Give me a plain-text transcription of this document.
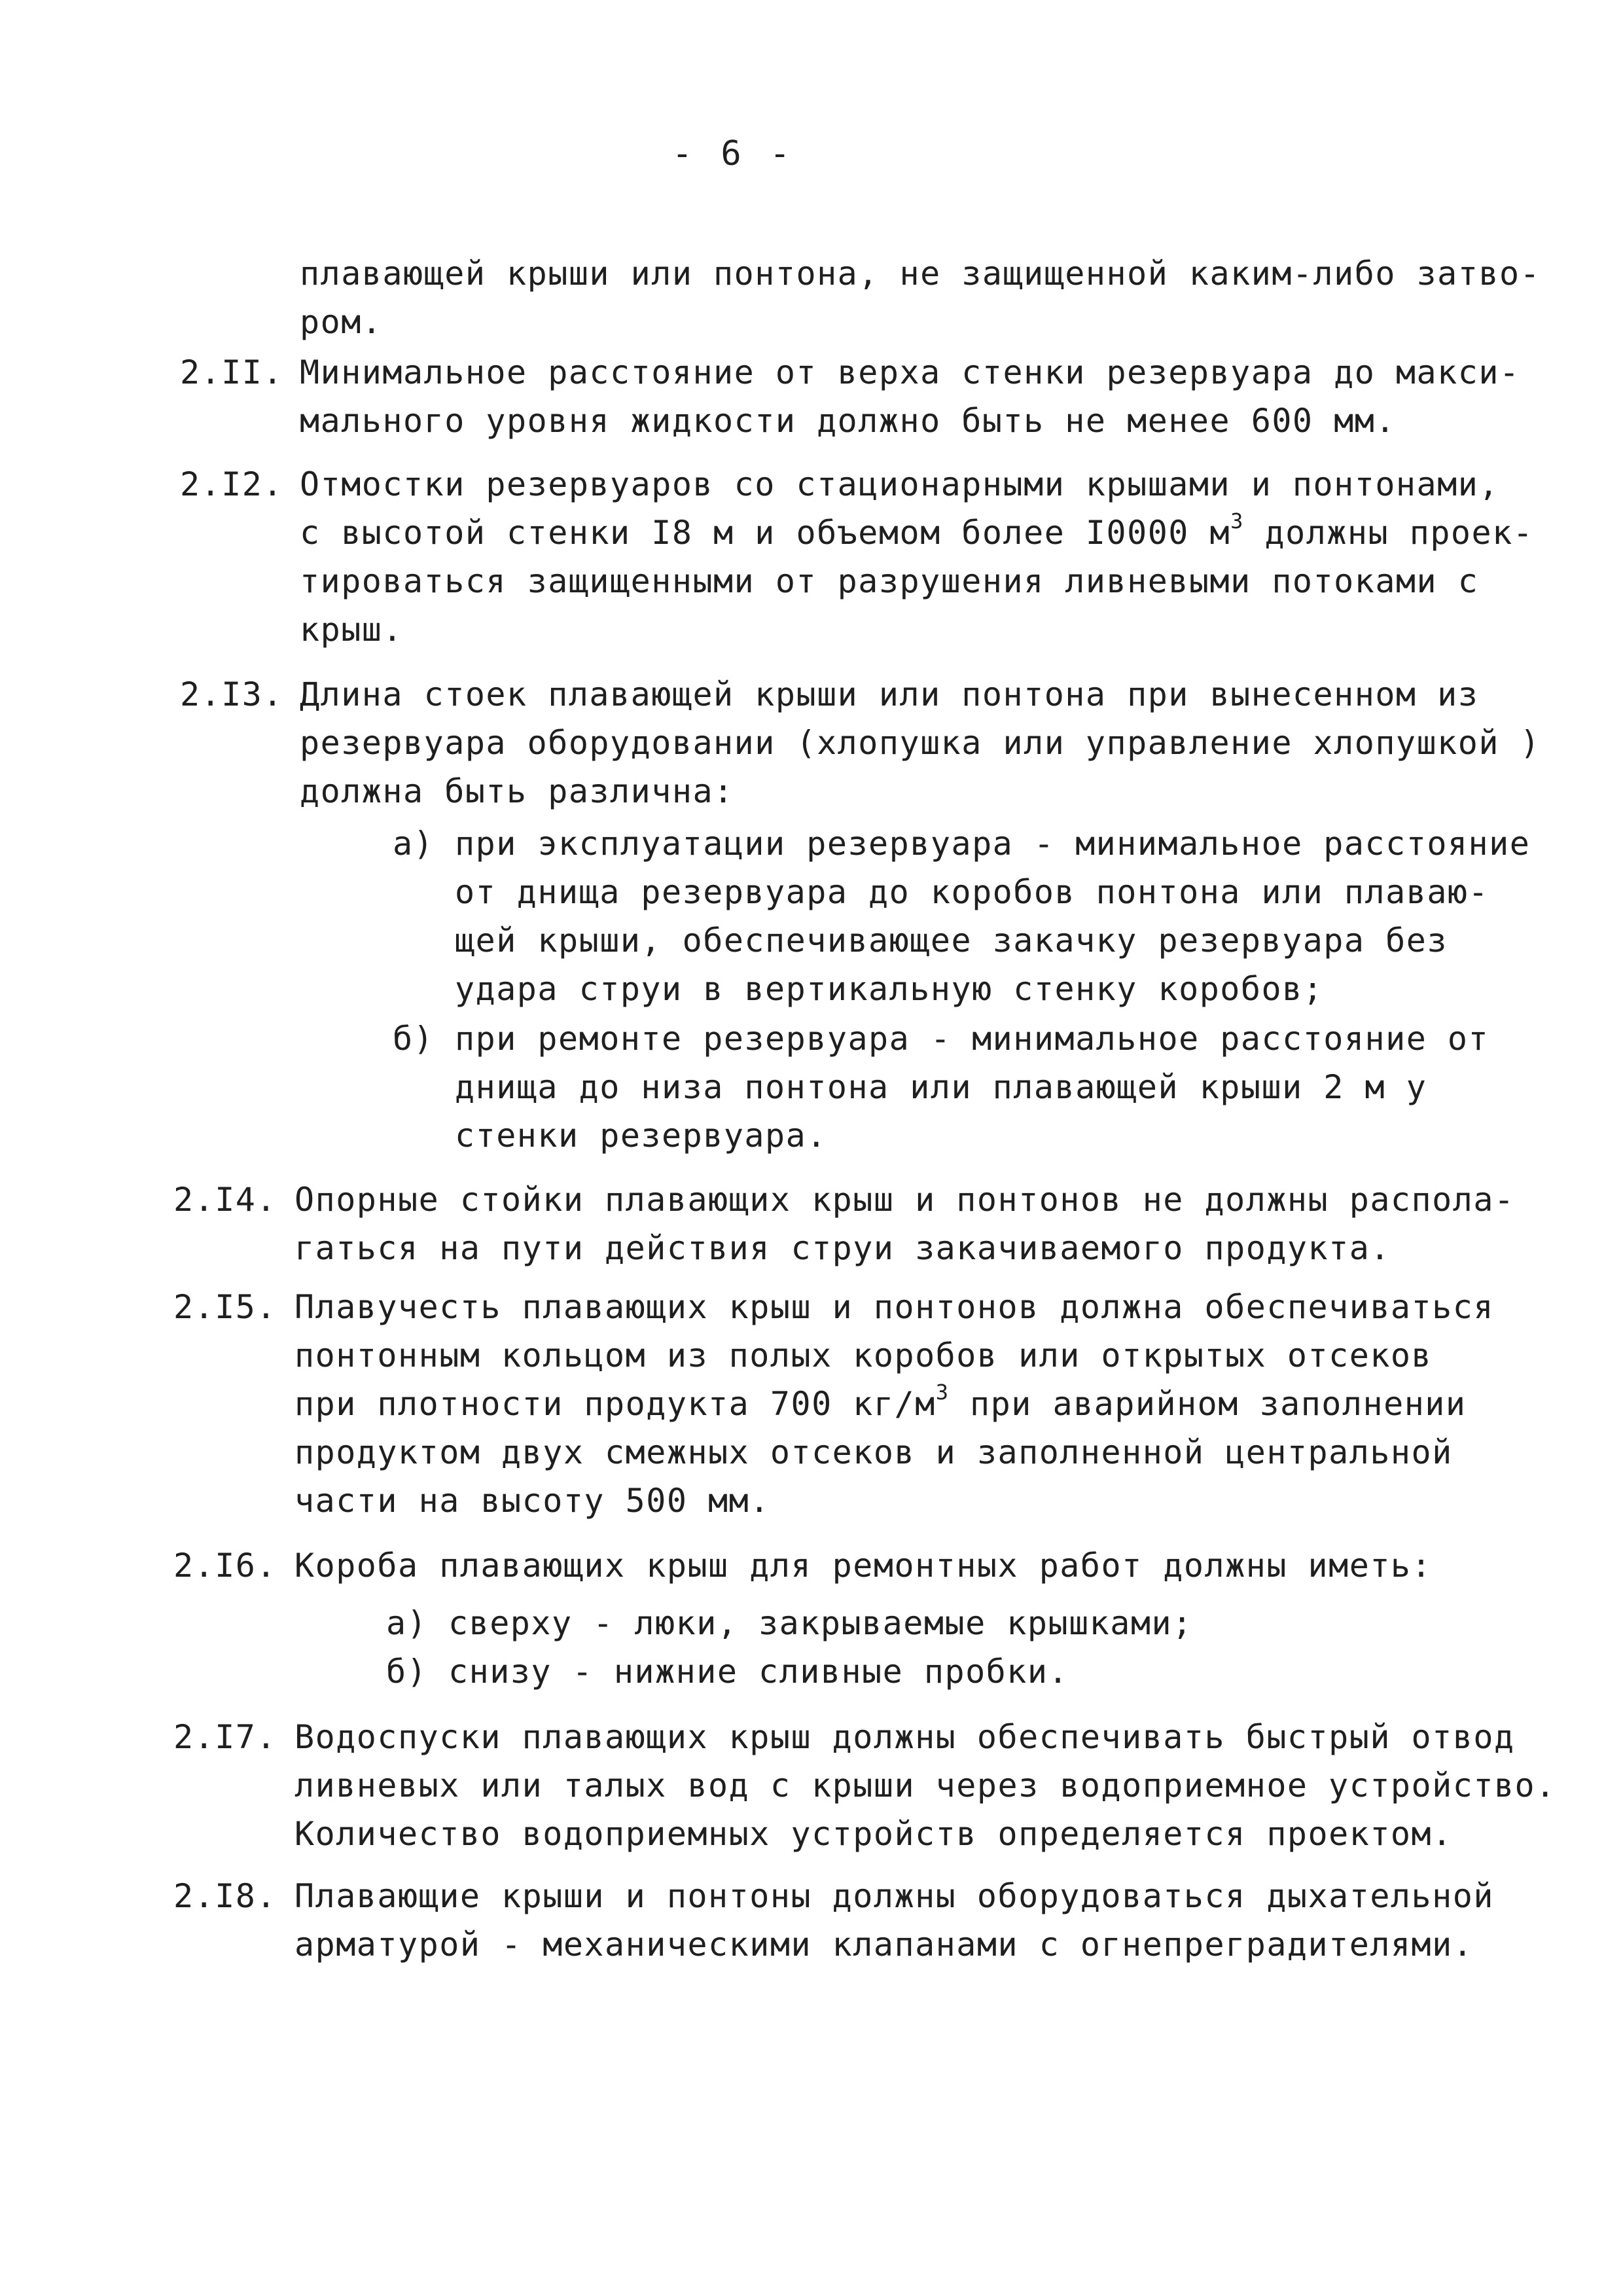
- 6 -
плавающей крыши или понтона, не защищенной каким-либо затво-
ром.
2.II. Минимальное расстояние от верха стенки резервуара до макси-
мального уровня жидкости должно быть не менее 600 мм.
2.I2. Отмостки резервуаров со стационарными крышами и понтонами,
с высотой стенки I8 м и объемом более I0000 $м^3$ должны проек-
тироваться защищенными от разрушения ливневыми потоками с
крыш.
2.I3. Длина стоек плавающей крыши или понтона при вынесенном из
резервуара оборудовании (хлопушка или управление хлопушкой )
должна быть различна:
а) при эксплуатации резервуара - минимальное расстояние
от днища резервуара до коробов понтона или плаваю-
щей крыши, обеспечивающее закачку резервуара без
удара струи в вертикальную стенку коробов;
б) при ремонте резервуара - минимальное расстояние от
днища до низа понтона или плавающей крыши 2 м у
стенки резервуара.
2.I4. Опорные стойки плавающих крыш и понтонов не должны распола-
гаться на пути действия струи закачиваемого продукта.
2.I5. Плавучесть плавающих крыш и понтонов должна обеспечиваться
понтонным кольцом из полых коробов или открытых отсеков
при плотности продукта 700 $кг/м^3$ при аварийном заполнении
продуктом двух смежных отсеков и заполненной центральной
части на высоту 500 мм.
2.I6. Короба плавающих крыш для ремонтных работ должны иметь:
а) сверху - люки, закрываемые крышками;
б) снизу - нижние сливные пробки.
2.I7. Водоспуски плавающих крыш должны обеспечивать быстрый отвод
ливневых или талых вод с крыши через водоприемное устройство.
Количество водоприемных устройств определяется проектом.
2.I8. Плавающие крыши и понтоны должны оборудоваться дыхательной
арматурой - механическими клапанами с огнепреградителями.
